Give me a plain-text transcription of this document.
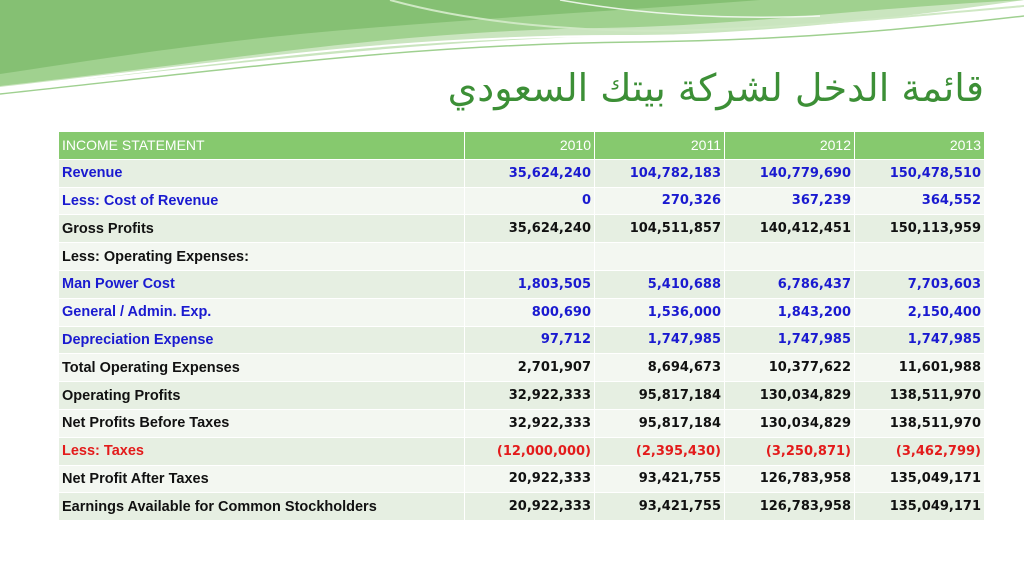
قائمة الدخل لشركة بيتك السعودي
INCOME STATEMENT	2010	2011	2012	2013
Revenue	35,624,240	104,782,183	140,779,690	150,478,510
Less: Cost of Revenue	0	270,326	367,239	364,552
Gross Profits	35,624,240	104,511,857	140,412,451	150,113,959
Less: Operating Expenses:				
Man Power Cost	1,803,505	5,410,688	6,786,437	7,703,603
General / Admin. Exp.	800,690	1,536,000	1,843,200	2,150,400
Depreciation Expense	97,712	1,747,985	1,747,985	1,747,985
Total Operating Expenses	2,701,907	8,694,673	10,377,622	11,601,988
Operating Profits	32,922,333	95,817,184	130,034,829	138,511,970
Net Profits Before Taxes	32,922,333	95,817,184	130,034,829	138,511,970
Less: Taxes	(12,000,000)	(2,395,430)	(3,250,871)	(3,462,799)
Net Profit After Taxes	20,922,333	93,421,755	126,783,958	135,049,171
Earnings Available for Common Stockholders	20,922,333	93,421,755	126,783,958	135,049,171
